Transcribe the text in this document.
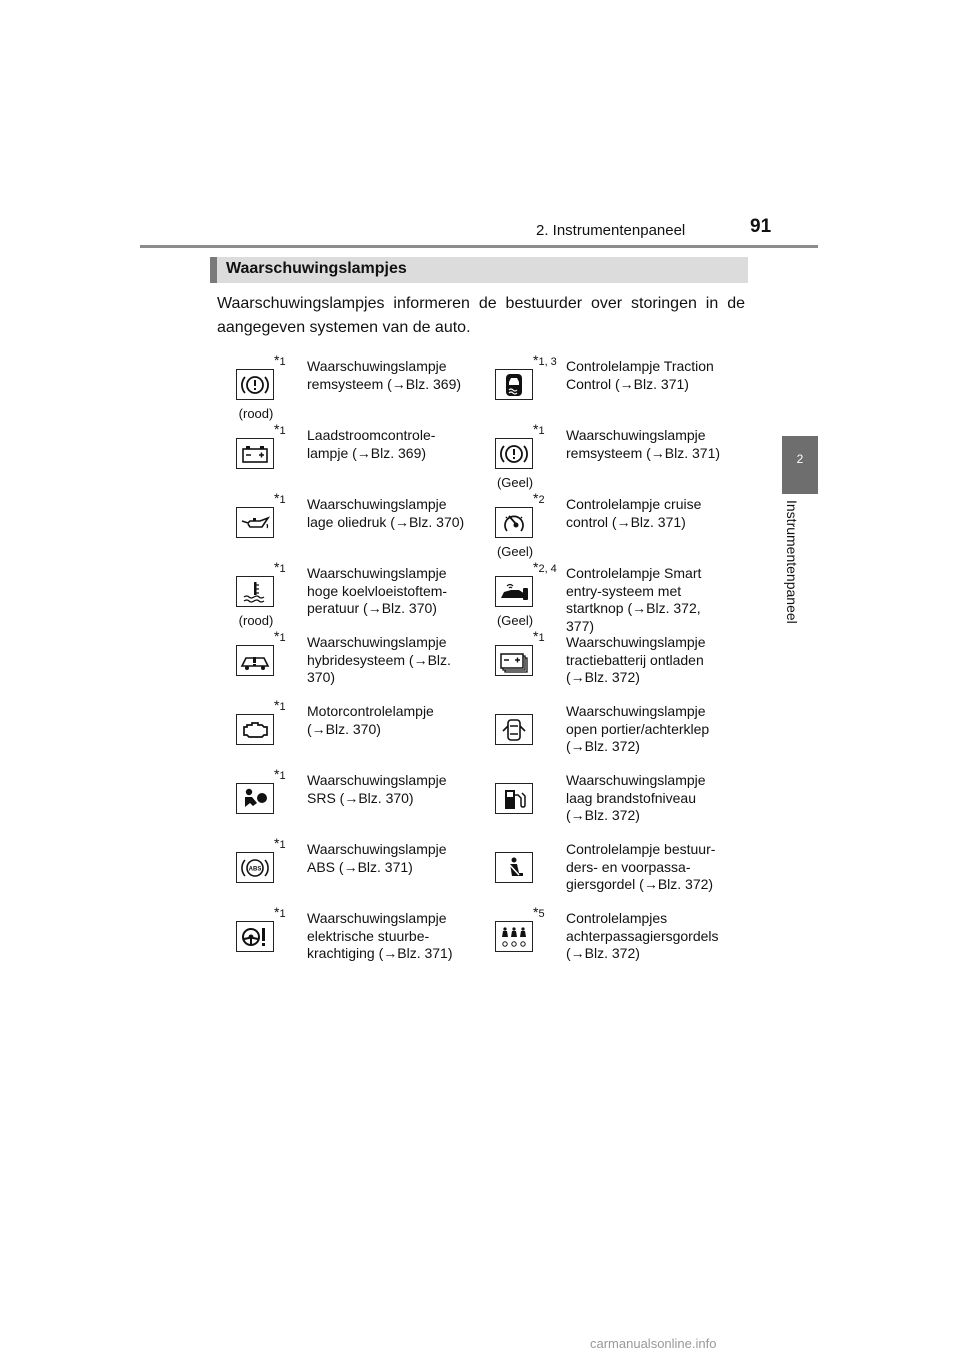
2. Instrumentenpaneel	91
2
Instrumentenpaneel
Waarschuwingslampjes
Waarschuwingslampjes informeren de bestuurder over storingen in de aangegeven systemen van de auto.
*1
(rood)
Waarschuwingslampje remsysteem (→Blz. 369)
*1 Laadstroomcontrole-lampje (→Blz. 369)
*1 Waarschuwingslampje lage oliedruk (→Blz. 370)
*1
(rood)
Waarschuwingslampje hoge koelvloeistoftem-peratuur (→Blz. 370)
*1 Waarschuwingslampje hybridesysteem (→Blz. 370)
*1 Motorcontrolelampje (→Blz. 370)
*1 Waarschuwingslampje SRS (→Blz. 370)
ABS
*1 Waarschuwingslampje ABS (→Blz. 371)
*1 Waarschuwingslampje elektrische stuurbe-krachtiging (→Blz. 371)
*1, 3 Controlelampje Traction Control (→Blz. 371)
*1
(Geel)
Waarschuwingslampje remsysteem (→Blz. 371)
*2
(Geel)
Controlelampje cruise control (→Blz. 371)
*2, 4
(Geel)
Controlelampje Smart entry-systeem met startknop (→Blz. 372, 377)
*1 Waarschuwingslampje tractiebatterij ontladen (→Blz. 372)
Waarschuwingslampje open portier/achterklep (→Blz. 372)
Waarschuwingslampje laag brandstofniveau (→Blz. 372)
Controlelampje bestuur-ders- en voorpassa-giersgordel (→Blz. 372)
*5 Controlelampjes achterpassagiersgordels (→Blz. 372)
carmanualsonline.info
